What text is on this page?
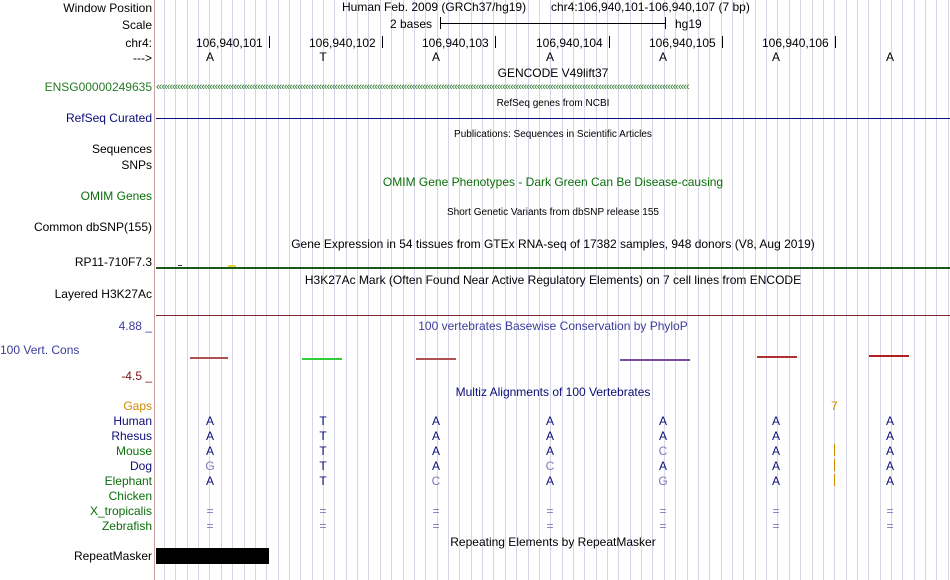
Window Position
Scale
chr4:
--->
Human Feb. 2009 (GRCh37/hg19) chr4:106,940,101-106,940,107 (7 bp)
2 bases	hg19
106,940,101	106,940,102	106,940,103	106,940,104	106,940,105	106,940,106
A	T	A	A	A	A	A
GENCODE V49lift37
ENSG00000249635 ‹‹‹‹‹‹‹‹‹‹‹‹‹‹‹‹‹‹‹‹‹‹‹‹‹‹‹‹‹‹‹‹‹‹‹‹‹‹‹‹‹‹‹‹‹‹‹‹‹‹‹‹‹‹‹‹‹‹‹‹‹‹‹‹‹‹‹‹‹‹‹‹‹‹‹‹‹‹‹‹‹‹‹‹‹‹‹‹‹‹‹‹‹‹‹‹‹‹‹‹‹‹‹‹‹‹‹‹‹‹‹‹‹‹‹‹‹‹‹‹‹‹‹‹‹‹‹‹‹‹‹‹‹‹‹‹‹‹‹‹‹‹‹‹‹‹‹‹‹‹‹‹‹‹‹‹‹‹‹‹‹‹‹‹‹‹‹‹‹‹‹‹‹‹‹‹‹‹‹‹‹‹‹‹‹‹‹‹‹‹‹‹‹‹‹‹‹‹‹‹
RefSeq genes from NCBI
RefSeq Curated
Publications: Sequences in Scientific Articles
Sequences
SNPs
OMIM Gene Phenotypes - Dark Green Can Be Disease-causing
OMIM Genes
Short Genetic Variants from dbSNP release 155
Common dbSNP(155)
Gene Expression in 54 tissues from GTEx RNA-seq of 17382 samples, 948 donors (V8, Aug 2019)
RP11-710F7.3
H3K27Ac Mark (Often Found Near Active Regulatory Elements) on 7 cell lines from ENCODE
Layered H3K27Ac
100 vertebrates Basewise Conservation by PhyloP
4.88 _
100 Vert. Cons
-4.5 _
Multiz Alignments of 100 Vertebrates
Gaps	7
Human	A	T	A	A	A	A	A
Rhesus	A	T	A	A	A	A	A
Mouse	A	T	A	A	C	A	A
Dog	G	T	A	C	A	A	A
Elephant	A	T	C	A	G	A	A
Chicken
X_tropicalis	=	=	=	=	=	=	=
Zebrafish	=	=	=	=	=	=	=
Repeating Elements by RepeatMasker
RepeatMasker
